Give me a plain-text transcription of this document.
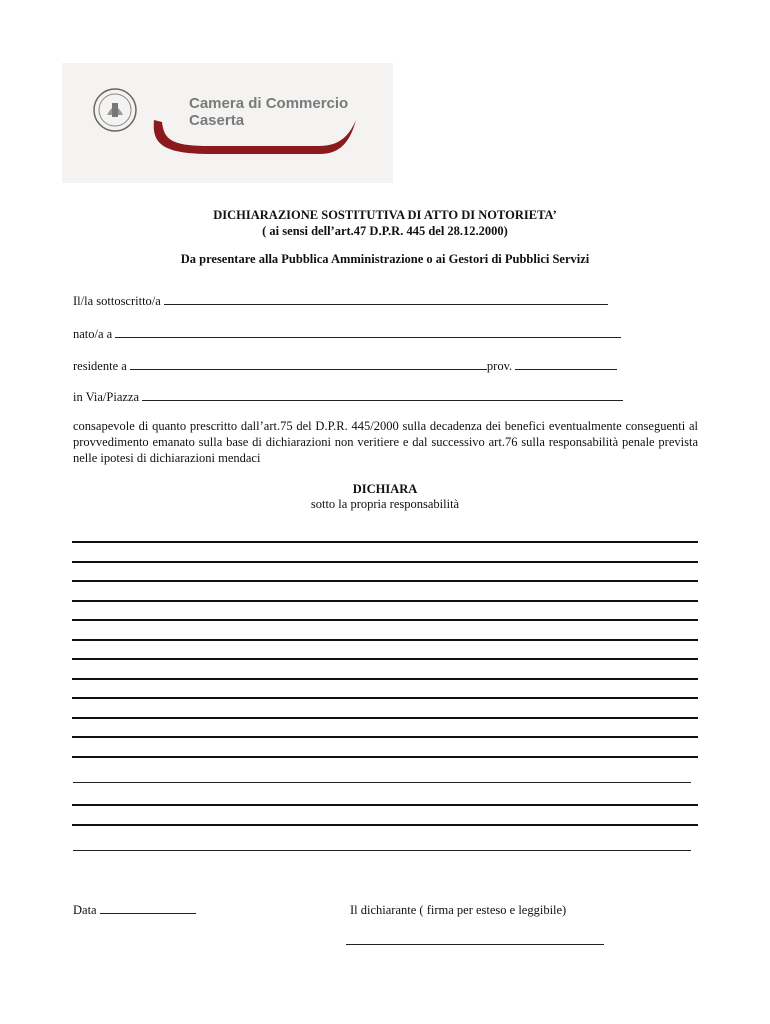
Camera di Commercio
Caserta
DICHIARAZIONE SOSTITUTIVA DI ATTO DI NOTORIETA’
( ai sensi dell’art.47 D.P.R. 445 del 28.12.2000)
Da presentare alla Pubblica Amministrazione o ai Gestori di Pubblici Servizi
Il/la sottoscritto/a
nato/a a
residente a	prov.
in Via/Piazza
consapevole di quanto prescritto dall’art.75 del D.P.R. 445/2000 sulla decadenza dei benefici eventualmente conseguenti al provvedimento emanato sulla base di dichiarazioni non veritiere e dal successivo art.76 sulla responsabilità penale prevista nelle ipotesi di dichiarazioni mendaci
DICHIARA
sotto la propria responsabilità
Data	Il dichiarante ( firma per esteso e leggibile)
